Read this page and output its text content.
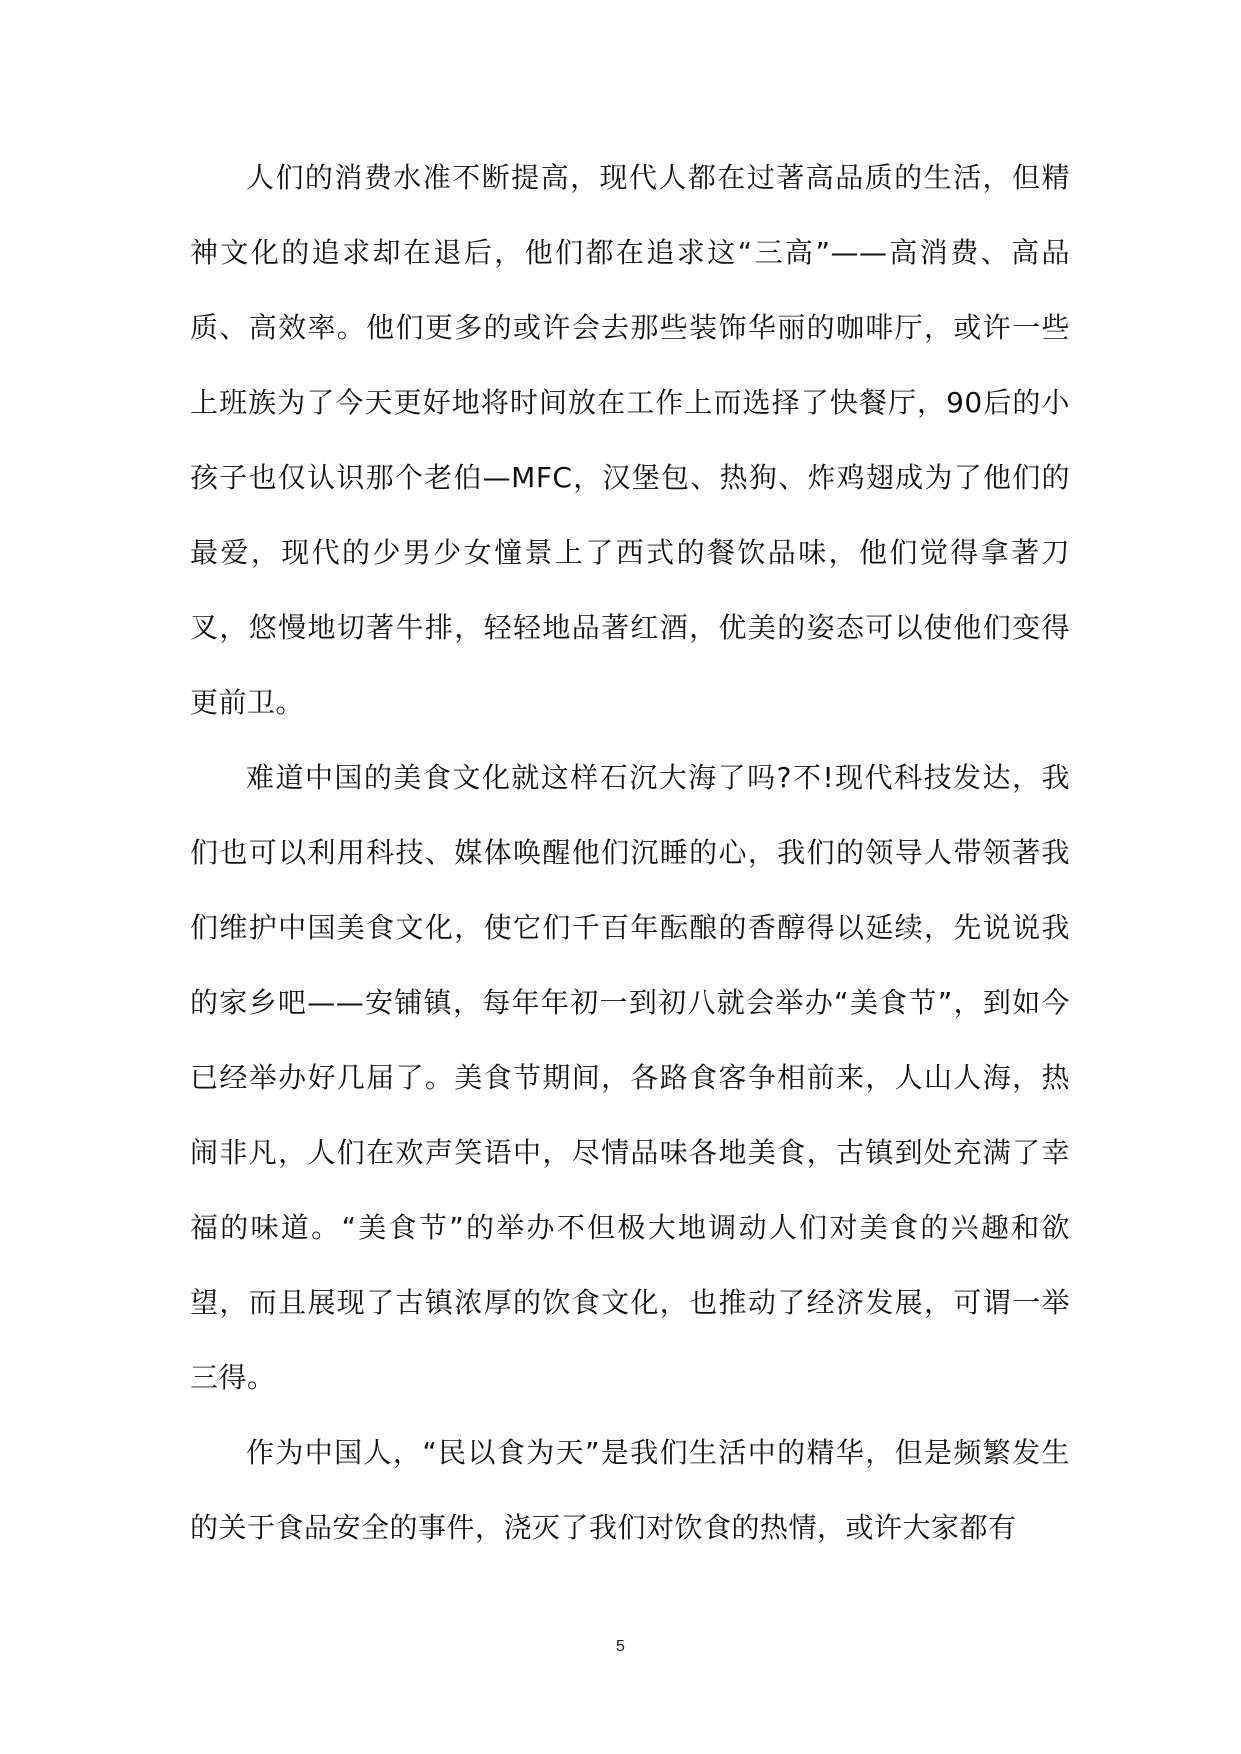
人们的消费水准不断提高，现代人都在过著高品质的生活，但精神文化的追求却在退后，他们都在追求这“三高”——高消费、高品质、高效率。他们更多的或许会去那些装饰华丽的咖啡厅，或许一些上班族为了今天更好地将时间放在工作上而选择了快餐厅，90后的小孩子也仅认识那个老伯—MFC，汉堡包、热狗、炸鸡翅成为了他们的最爱，现代的少男少女憧景上了西式的餐饮品味，他们觉得拿著刀叉，悠慢地切著牛排，轻轻地品著红酒，优美的姿态可以使他们变得更前卫。

难道中国的美食文化就这样石沉大海了吗?不!现代科技发达，我们也可以利用科技、媒体唤醒他们沉睡的心，我们的领导人带领著我们维护中国美食文化，使它们千百年酝酿的香醇得以延续，先说说我的家乡吧——安铺镇，每年年初一到初八就会举办“美食节”，到如今已经举办好几届了。美食节期间，各路食客争相前来，人山人海，热闹非凡，人们在欢声笑语中，尽情品味各地美食，古镇到处充满了幸福的味道。“美食节”的举办不但极大地调动人们对美食的兴趣和欲望，而且展现了古镇浓厚的饮食文化，也推动了经济发展，可谓一举三得。

作为中国人，“民以食为天”是我们生活中的精华，但是频繁发生的关于食品安全的事件，浇灭了我们对饮食的热情，或许大家都有

5
